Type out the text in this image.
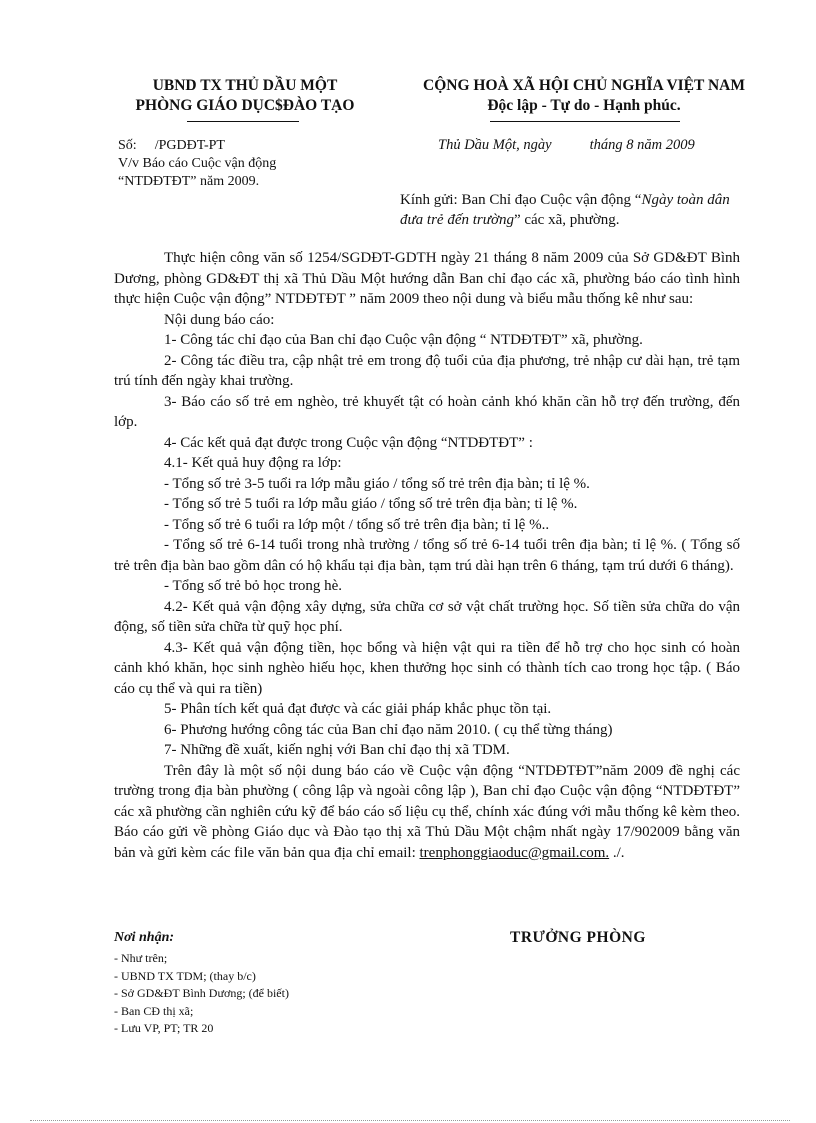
UBND TX THỦ DẦU MỘT
PHÒNG GIÁO DỤC$ĐÀO TẠO
CỘNG HOÀ XÃ HỘI CHỦ NGHĨA VIỆT NAM
Độc lập - Tự do - Hạnh phúc.
Số: /PGDĐT-PT
V/v Báo cáo Cuộc vận động
“NTDĐTĐT” năm 2009.
Thủ Dầu Một, ngày	tháng 8 năm 2009
Kính gửi: Ban Chỉ đạo Cuộc vận động “Ngày toàn dân đưa trẻ đến trường” các xã, phường.

Thực hiện công văn số 1254/SGDĐT-GDTH ngày 21 tháng 8 năm 2009 của Sở GD&ĐT Bình Dương, phòng GD&ĐT thị xã Thủ Dầu Một hướng dẫn Ban chỉ đạo các xã, phường báo cáo tình hình thực hiện Cuộc vận động” NTDĐTĐT ” năm 2009 theo nội dung và biểu mẫu thống kê như sau:

Nội dung báo cáo:

1- Công tác chỉ đạo của Ban chỉ đạo Cuộc vận động “ NTDĐTĐT” xã, phường.

2- Công tác điều tra, cập nhật trẻ em trong độ tuổi của địa phương, trẻ nhập cư dài hạn, trẻ tạm trú tính đến ngày khai trường.

3- Báo cáo số trẻ em nghèo, trẻ khuyết tật có hoàn cảnh khó khăn cần hỗ trợ đến trường, đến lớp.

4- Các kết quả đạt được trong Cuộc vận động “NTDĐTĐT” :

4.1- Kết quả huy động ra lớp:

- Tổng số trẻ 3-5 tuổi ra lớp mẫu giáo / tổng số trẻ trên địa bàn; tỉ lệ %.

- Tổng số trẻ 5 tuổi ra lớp mẫu giáo / tổng số trẻ trên địa bàn; tỉ lệ %.

- Tổng số trẻ 6 tuổi ra lớp một / tổng số trẻ trên địa bàn; tỉ lệ %..

- Tổng số trẻ 6-14 tuổi trong nhà trường / tổng số trẻ 6-14 tuổi trên địa bàn; tỉ lệ %. ( Tổng số trẻ trên địa bàn bao gồm dân có hộ khẩu tại địa bàn, tạm trú dài hạn trên 6 tháng, tạm trú dưới 6 tháng).

- Tổng số trẻ bỏ học trong hè.

4.2- Kết quả vận động xây dựng, sửa chữa cơ sở vật chất trường học. Số tiền sửa chữa do vận động, số tiền sửa chữa từ quỹ học phí.

4.3- Kết quả vận động tiền, học bổng và hiện vật qui ra tiền để hỗ trợ cho học sinh có hoàn cảnh khó khăn, học sinh nghèo hiếu học, khen thưởng học sinh có thành tích cao trong học tập. ( Báo cáo cụ thể và qui ra tiền)

5- Phân tích kết quả đạt được và các giải pháp khắc phục tồn tại.

6- Phương hướng công tác của Ban chỉ đạo năm 2010. ( cụ thể từng tháng)

7- Những đề xuất, kiến nghị với Ban chỉ đạo thị xã TDM.

Trên đây là một số nội dung báo cáo về Cuộc vận động “NTDĐTĐT”năm 2009 đề nghị các trường trong địa bàn phường ( công lập và ngoài công lập ), Ban chỉ đạo Cuộc vận động “NTDĐTĐT” các xã phường cần nghiên cứu kỹ để báo cáo số liệu cụ thể, chính xác đúng với mẫu thống kê kèm theo. Báo cáo gửi về phòng Giáo dục và Đào tạo thị xã Thủ Dầu Một chậm nhất ngày 17/902009 bằng văn bản và gửi kèm các file văn bản qua địa chỉ email: trenphonggiaoduc@gmail.com. ./.

Nơi nhận:
- Như trên;
- UBND TX TDM; (thay b/c)
- Sở GD&ĐT Bình Dương; (để biết)
- Ban CĐ thị xã;
- Lưu VP, PT; TR 20
TRƯỞNG PHÒNG
